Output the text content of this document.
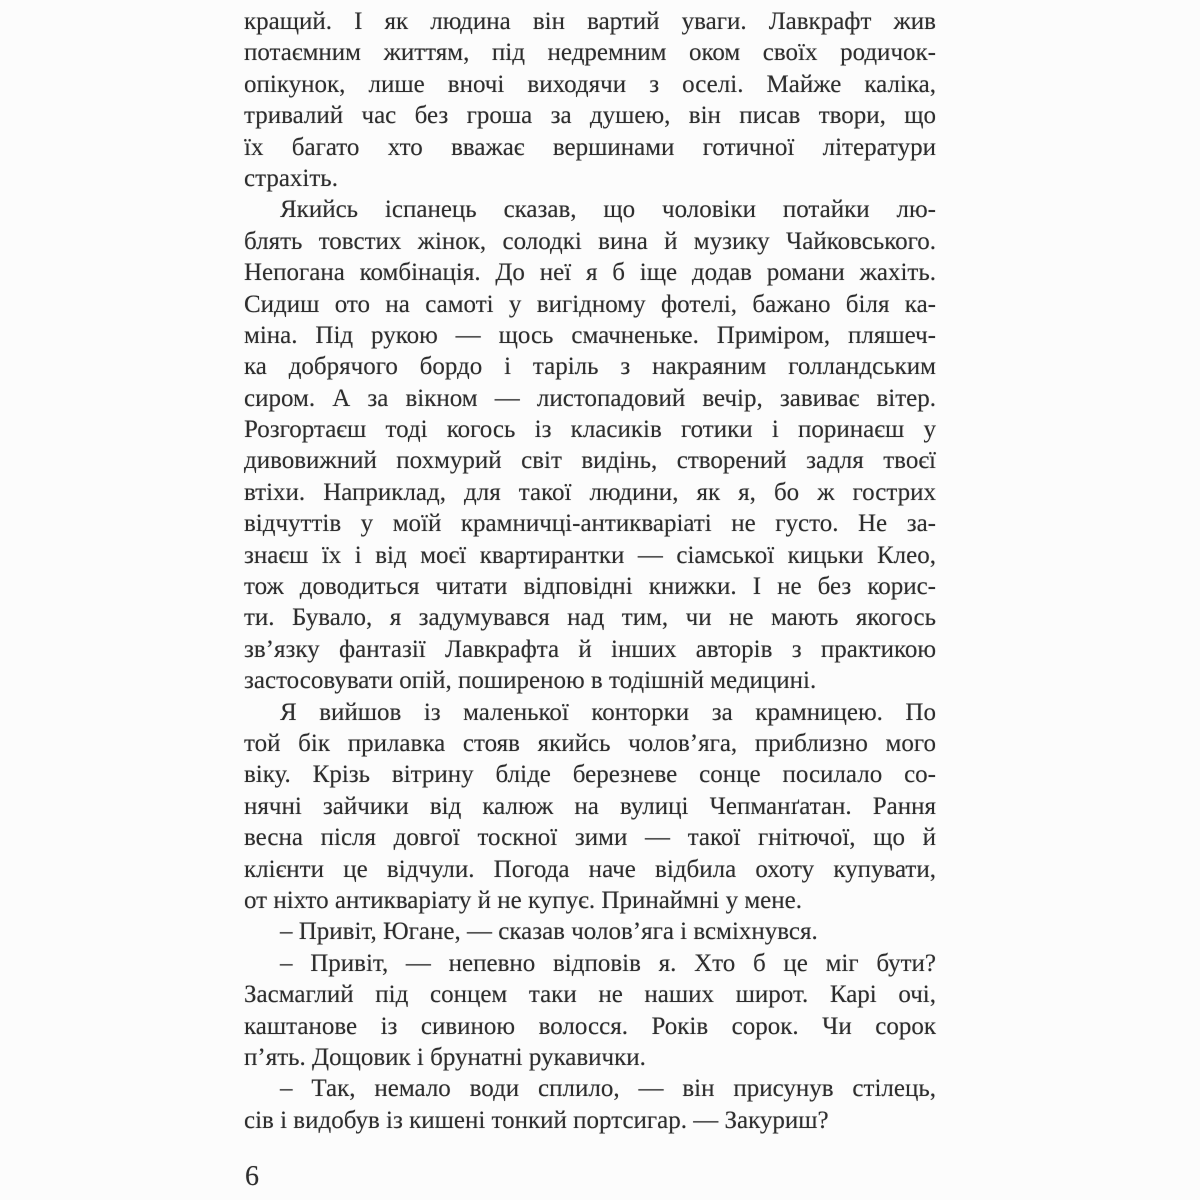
кращий. І як людина він вартий уваги. Лавкрафт жив
потаємним життям, під недремним оком своїх родичок-
опікунок, лише вночі виходячи з оселі. Майже каліка,
тривалий час без гроша за душею, він писав твори, що
їх багато хто вважає вершинами готичної літератури
страхіть.
Якийсь іспанець сказав, що чоловіки потайки лю-
блять товстих жінок, солодкі вина й музику Чайковського.
Непогана комбінація. До неї я б іще додав романи жахіть.
Сидиш ото на самоті у вигідному фотелі, бажано біля ка-
міна. Під рукою — щось смачненьке. Приміром, пляшеч-
ка добрячого бордо і таріль з накраяним голландським
сиром. А за вікном — листопадовий вечір, завиває вітер.
Розгортаєш тоді когось із класиків готики і поринаєш у
дивовижний похмурий світ видінь, створений задля твоєї
втіхи. Наприклад, для такої людини, як я, бо ж гострих
відчуттів у моїй крамничці-антикваріаті не густо. Не за-
знаєш їх і від моєї квартирантки — сіамської кицьки Клео,
тож доводиться читати відповідні книжки. І не без корис-
ти. Бувало, я задумувався над тим, чи не мають якогось
зв’язку фантазії Лавкрафта й інших авторів з практикою
застосовувати опій, поширеною в тодішній медицині.
Я вийшов із маленької конторки за крамницею. По
той бік прилавка стояв якийсь чолов’яга, приблизно мого
віку. Крізь вітрину бліде березневе сонце посилало со-
нячні зайчики від калюж на вулиці Чепманґатан. Рання
весна після довгої тоскної зими — такої гнітючої, що й
клієнти це відчули. Погода наче відбила охоту купувати,
от ніхто антикваріату й не купує. Принаймні у мене.
– Привіт, Югане, — сказав чолов’яга і всміхнувся.
– Привіт, — непевно відповів я. Хто б це міг бути?
Засмаглий під сонцем таки не наших широт. Карі очі,
каштанове із сивиною волосся. Років сорок. Чи сорок
п’ять. Дощовик і брунатні рукавички.
– Так, немало води сплило, — він присунув стілець,
сів і видобув із кишені тонкий портсигар. — Закуриш?
6
